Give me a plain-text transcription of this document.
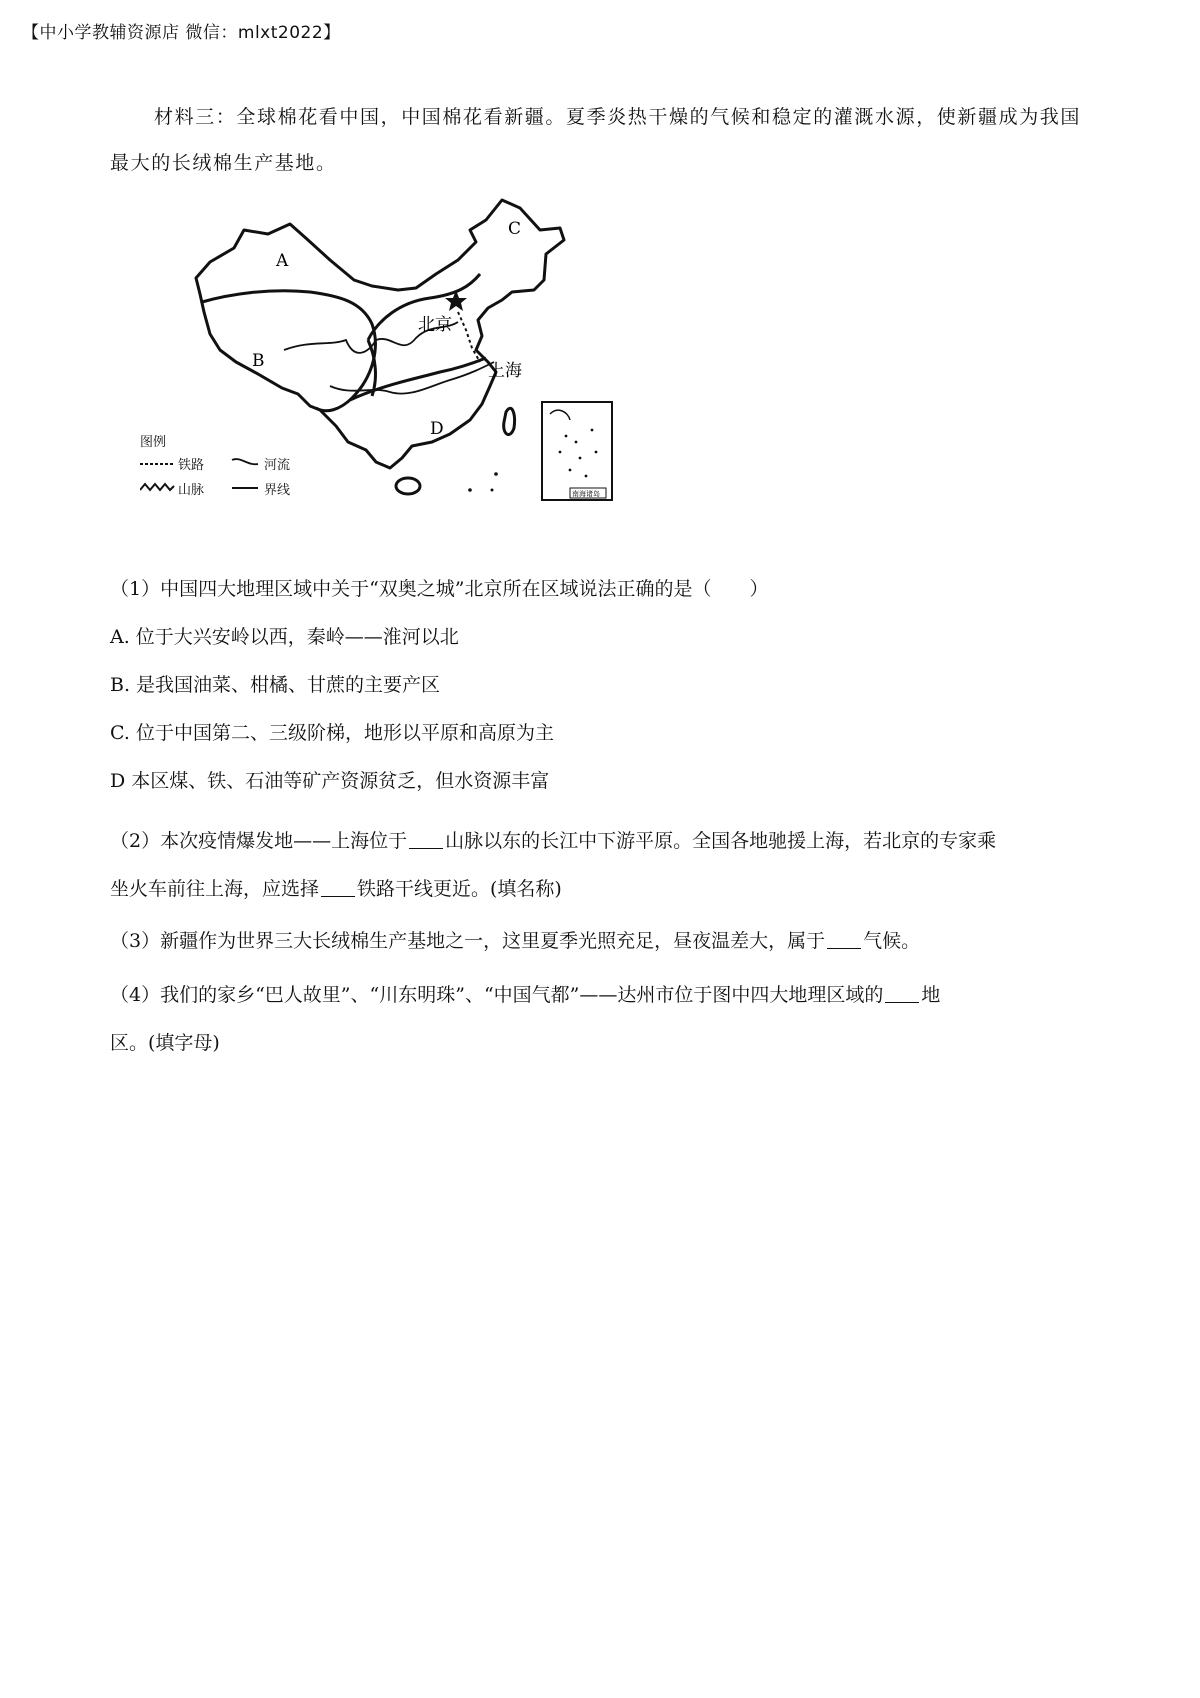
【中小学教辅资源店 微信：mlxt2022】
材料三：全球棉花看中国，中国棉花看新疆。夏季炎热干燥的气候和稳定的灌溉水源，使新疆成为我国最大的长绒棉生产基地。
A
B
C
D
北京
上海
南海诸岛
图例
铁路	河流
山脉	界线
（1）中国四大地理区域中关于“双奥之城”北京所在区域说法正确的是（　　）
A. 位于大兴安岭以西，秦岭——淮河以北
B. 是我国油菜、柑橘、甘蔗的主要产区
C. 位于中国第二、三级阶梯，地形以平原和高原为主
D 本区煤、铁、石油等矿产资源贫乏，但水资源丰富
（2）本次疫情爆发地——上海位于 山脉以东的长江中下游平原。全国各地驰援上海，若北京的专家乘
坐火车前往上海，应选择 铁路干线更近。(填名称)
（3）新疆作为世界三大长绒棉生产基地之一，这里夏季光照充足，昼夜温差大，属于 气候。
（4）我们的家乡“巴人故里”、“川东明珠”、“中国气都”——达州市位于图中四大地理区域的 地
区。(填字母)
